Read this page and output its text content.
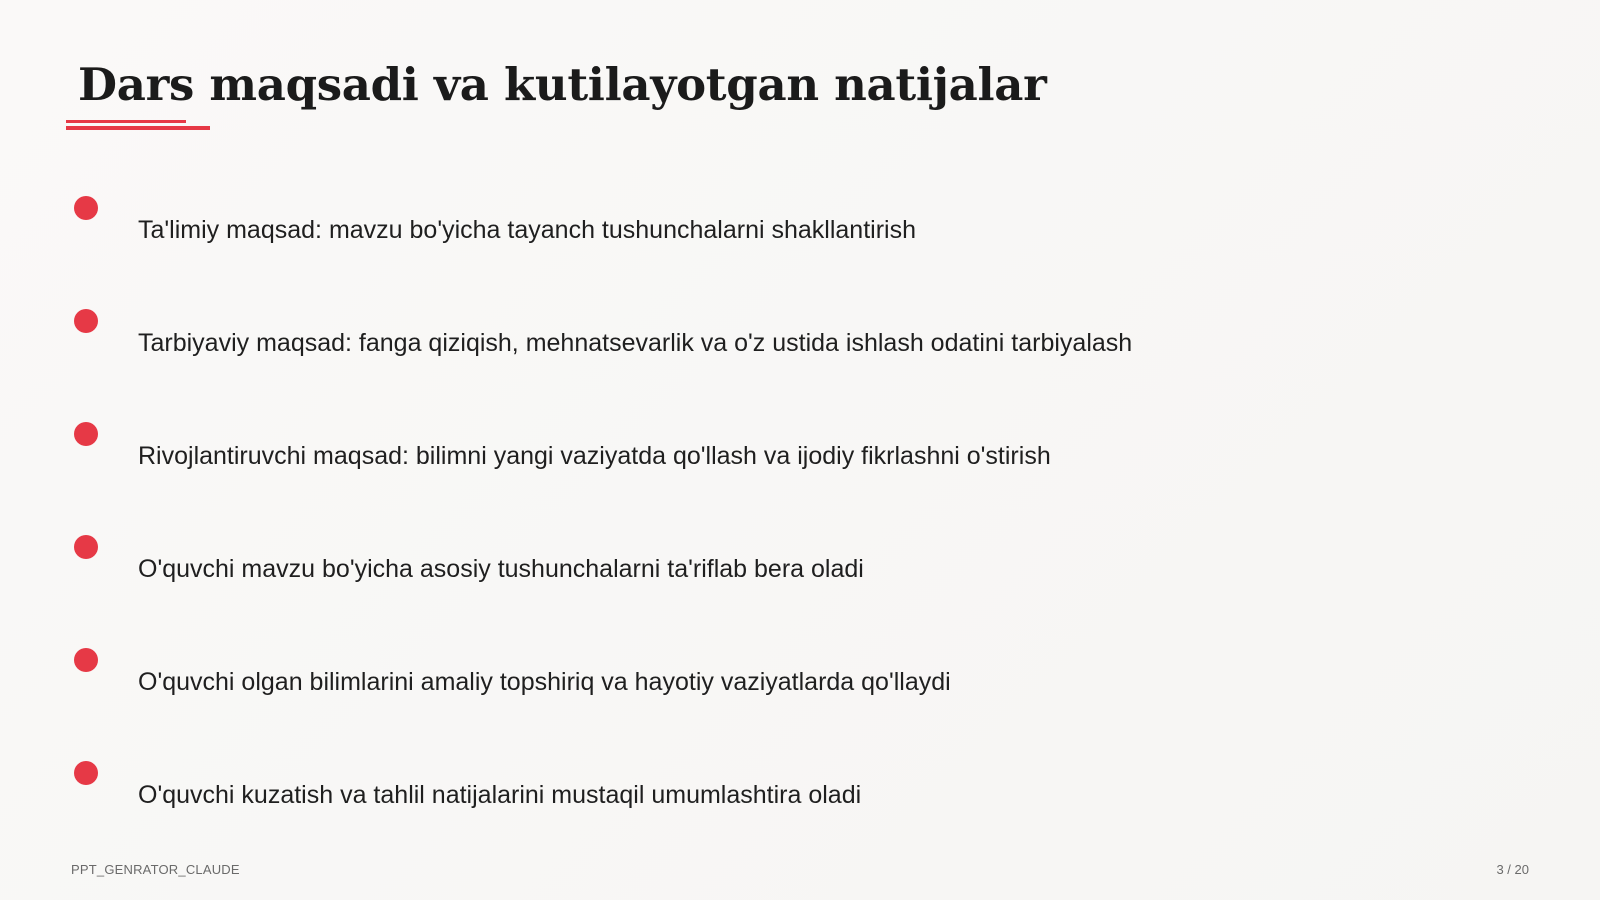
Dars maqsadi va kutilayotgan natijalar
Ta'limiy maqsad: mavzu bo'yicha tayanch tushunchalarni shakllantirish
Tarbiyaviy maqsad: fanga qiziqish, mehnatsevarlik va o'z ustida ishlash odatini tarbiyalash
Rivojlantiruvchi maqsad: bilimni yangi vaziyatda qo'llash va ijodiy fikrlashni o'stirish
O'quvchi mavzu bo'yicha asosiy tushunchalarni ta'riflab bera oladi
O'quvchi olgan bilimlarini amaliy topshiriq va hayotiy vaziyatlarda qo'llaydi
O'quvchi kuzatish va tahlil natijalarini mustaqil umumlashtira oladi
PPT_GENRATOR_CLAUDE	3 / 20
